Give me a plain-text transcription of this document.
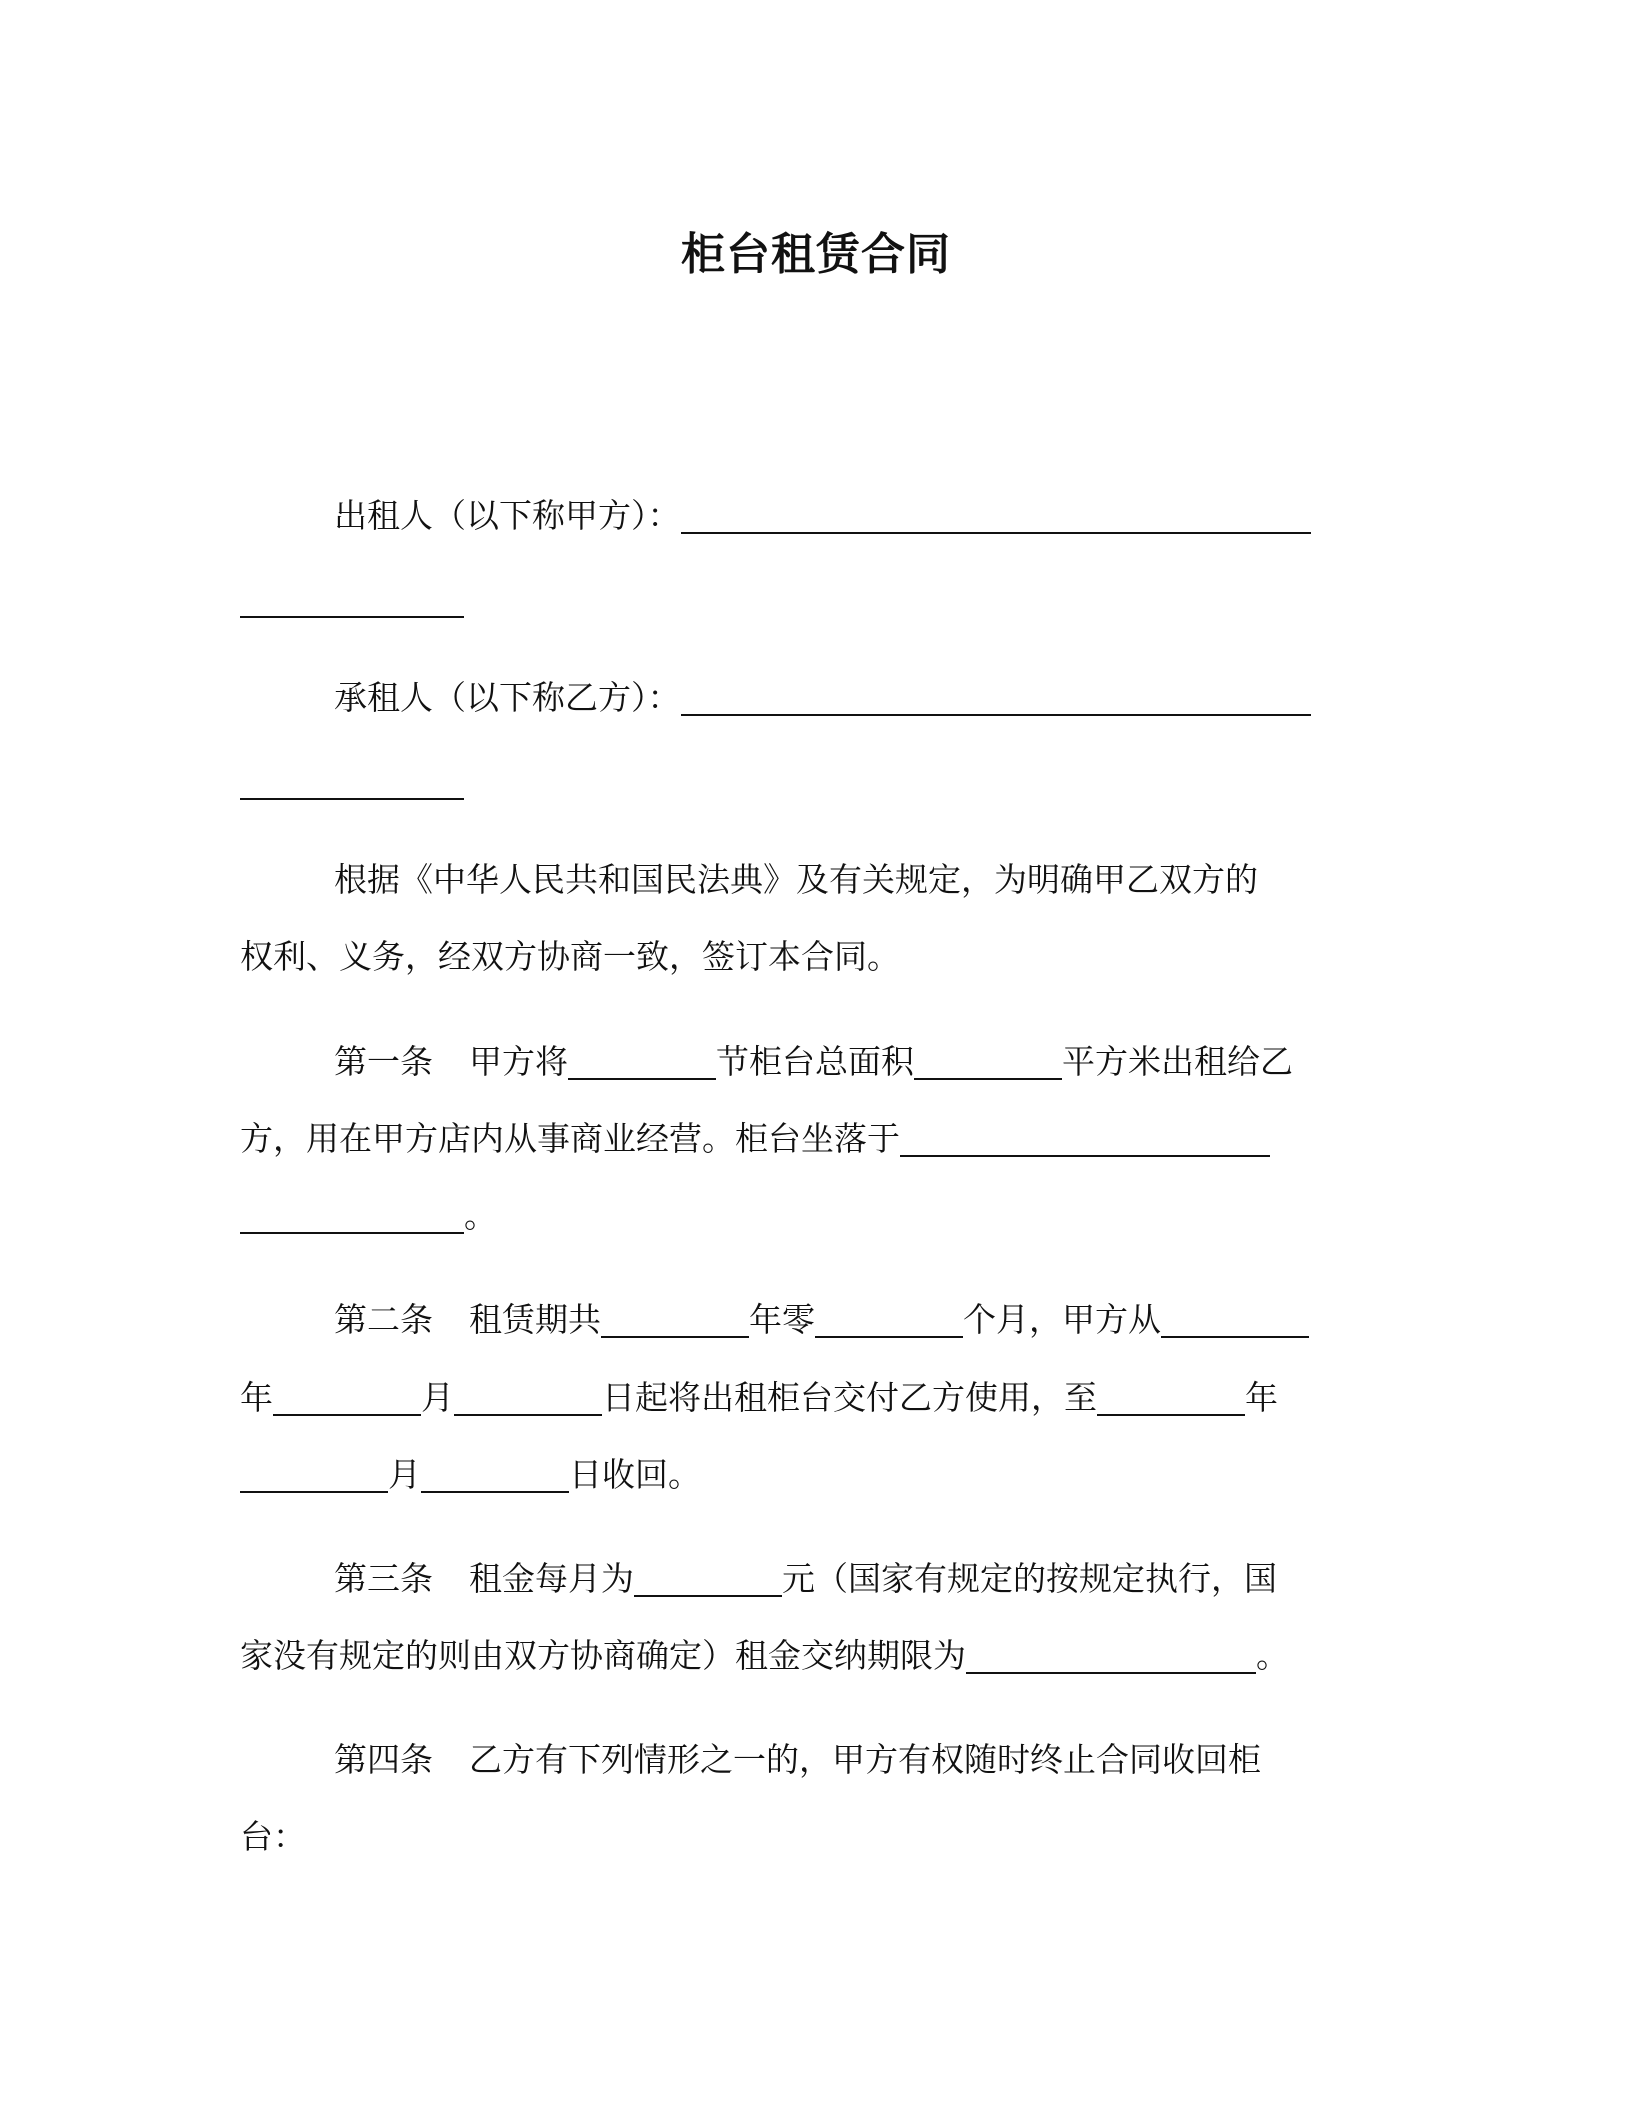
柜台租赁合同
出租人（以下称甲方）：
承租人（以下称乙方）：
根据《中华人民共和国民法典》及有关规定，为明确甲乙双方的
权利、义务，经双方协商一致，签订本合同。
第一条 甲方将	节柜台总面积	平方米出租给乙
方，用在甲方店内从事商业经营。柜台坐落于
。
第二条 租赁期共	年零	个月，甲方从
年	月	日起将出租柜台交付乙方使用，至	年
月	日收回。
第三条 租金每月为	元（国家有规定的按规定执行，国
家没有规定的则由双方协商确定）租金交纳期限为	。
第四条 乙方有下列情形之一的，甲方有权随时终止合同收回柜
台：
